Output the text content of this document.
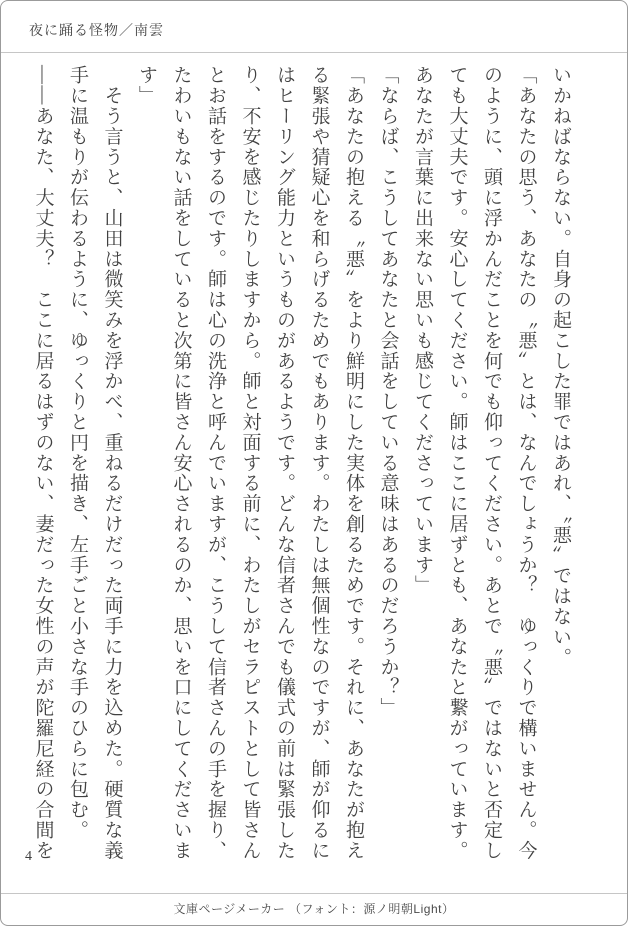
夜に踊る怪物／南雲

いかねばならない。自身の起こした罪ではあれ、〝悪〟ではない。

「あなたの思う、あなたの〝悪〟とは、なんでしょうか？　ゆっくりで構いません。今

のように、頭に浮かんだことを何でも仰ってください。あとで〝悪〟ではないと否定し

ても大丈夫です。安心してください。師はここに居ずとも、あなたと繋がっています。

あなたが言葉に出来ない思いも感じてくださっています」

「ならば、こうしてあなたと会話をしている意味はあるのだろうか？」

「あなたの抱える〝悪〟をより鮮明にした実体を創るためです。それに、あなたが抱え

る緊張や猜疑心を和らげるためでもあります。わたしは無個性なのですが、師が仰るに

はヒーリング能力というものがあるようです。どんな信者さんでも儀式の前は緊張した

り、不安を感じたりしますから。師と対面する前に、わたしがセラピストとして皆さん

とお話をするのです。師は心の洗浄と呼んでいますが、こうして信者さんの手を握り、

たわいもない話をしていると次第に皆さん安心されるのか、思いを口にしてくださいま

す」

　そう言うと、山田は微笑みを浮かべ、重ねるだけだった両手に力を込めた。硬質な義

手に温もりが伝わるように、ゆっくりと円を描き、左手ごと小さな手のひらに包む。

――あなた、大丈夫？　ここに居るはずのない、妻だった女性の声が陀羅尼経の合間を

4
文庫ページメーカー （フォント：源ノ明朝Light）
